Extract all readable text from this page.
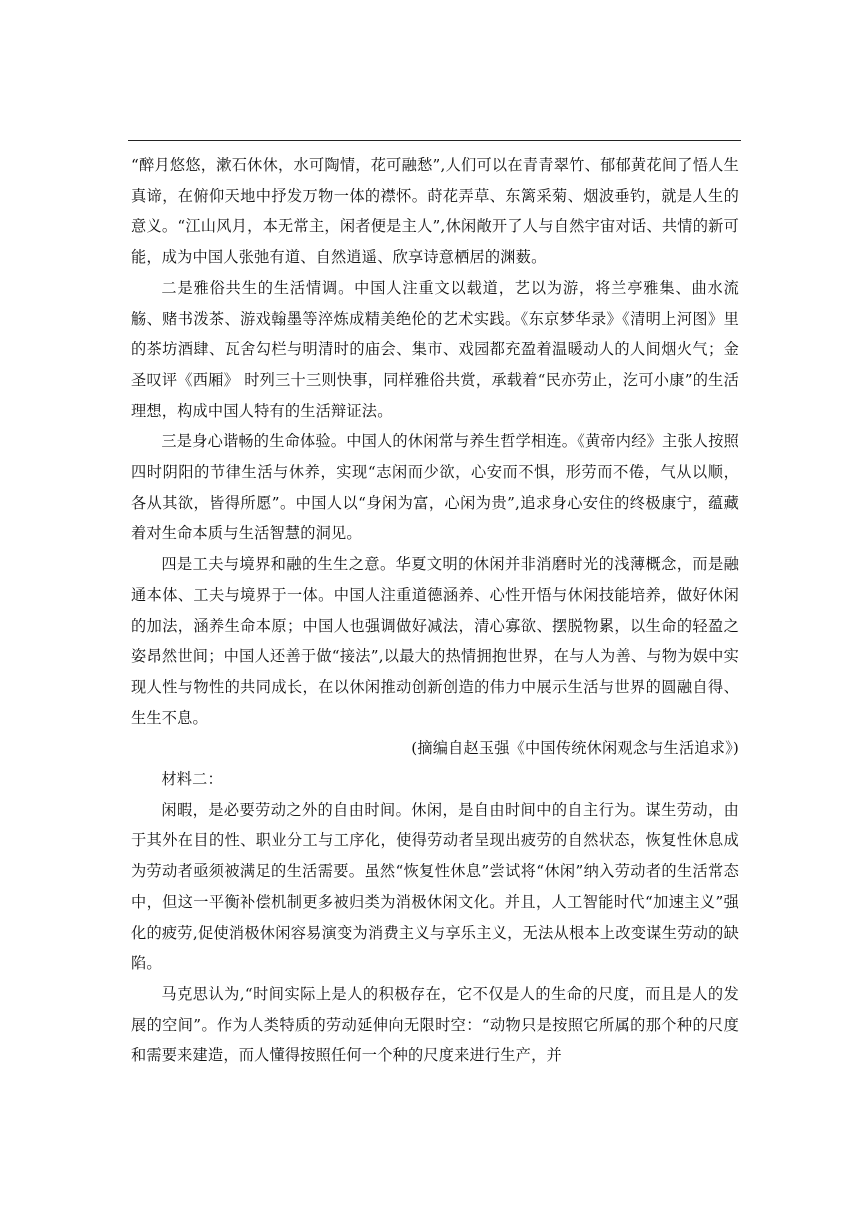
“醉月悠悠，漱石休休，水可陶情，花可融愁”,人们可以在青青翠竹、郁郁黄花间了悟人生真谛，在俯仰天地中抒发万物一体的襟怀。莳花弄草、东篱采菊、烟波垂钓，就是人生的意义。“江山风月，本无常主，闲者便是主人”,休闲敞开了人与自然宇宙对话、共情的新可能，成为中国人张弛有道、自然逍遥、欣享诗意栖居的渊薮。

二是雅俗共生的生活情调。中国人注重文以载道，艺以为游，将兰亭雅集、曲水流觞、赌书泼茶、游戏翰墨等淬炼成精美绝伦的艺术实践。《东京梦华录》《清明上河图》里的茶坊酒肆、瓦舍勾栏与明清时的庙会、集市、戏园都充盈着温暖动人的人间烟火气；金圣叹评《西厢》 时列三十三则快事，同样雅俗共赏，承载着“民亦劳止，汔可小康”的生活理想，构成中国人特有的生活辩证法。

三是身心谐畅的生命体验。中国人的休闲常与养生哲学相连。《黄帝内经》主张人按照四时阴阳的节律生活与休养，实现“志闲而少欲，心安而不惧，形劳而不倦，气从以顺，各从其欲，皆得所愿”。中国人以“身闲为富，心闲为贵”,追求身心安住的终极康宁，蕴藏着对生命本质与生活智慧的洞见。

四是工夫与境界和融的生生之意。华夏文明的休闲并非消磨时光的浅薄概念，而是融通本体、工夫与境界于一体。中国人注重道德涵养、心性开悟与休闲技能培养，做好休闲的加法，涵养生命本原；中国人也强调做好减法，清心寡欲、摆脱物累，以生命的轻盈之姿昂然世间；中国人还善于做“接法”,以最大的热情拥抱世界，在与人为善、与物为娱中实现人性与物性的共同成长，在以休闲推动创新创造的伟力中展示生活与世界的圆融自得、生生不息。

(摘编自赵玉强《中国传统休闲观念与生活追求》)

材料二：

闲暇，是必要劳动之外的自由时间。休闲，是自由时间中的自主行为。谋生劳动，由于其外在目的性、职业分工与工序化，使得劳动者呈现出疲劳的自然状态，恢复性休息成为劳动者亟须被满足的生活需要。虽然“恢复性休息”尝试将“休闲”纳入劳动者的生活常态中，但这一平衡补偿机制更多被归类为消极休闲文化。并且，人工智能时代“加速主义”强化的疲劳,促使消极休闲容易演变为消费主义与享乐主义，无法从根本上改变谋生劳动的缺陷。

马克思认为,“时间实际上是人的积极存在，它不仅是人的生命的尺度，而且是人的发展的空间”。作为人类特质的劳动延伸向无限时空：“动物只是按照它所属的那个种的尺度和需要来建造，而人懂得按照任何一个种的尺度来进行生产，并
